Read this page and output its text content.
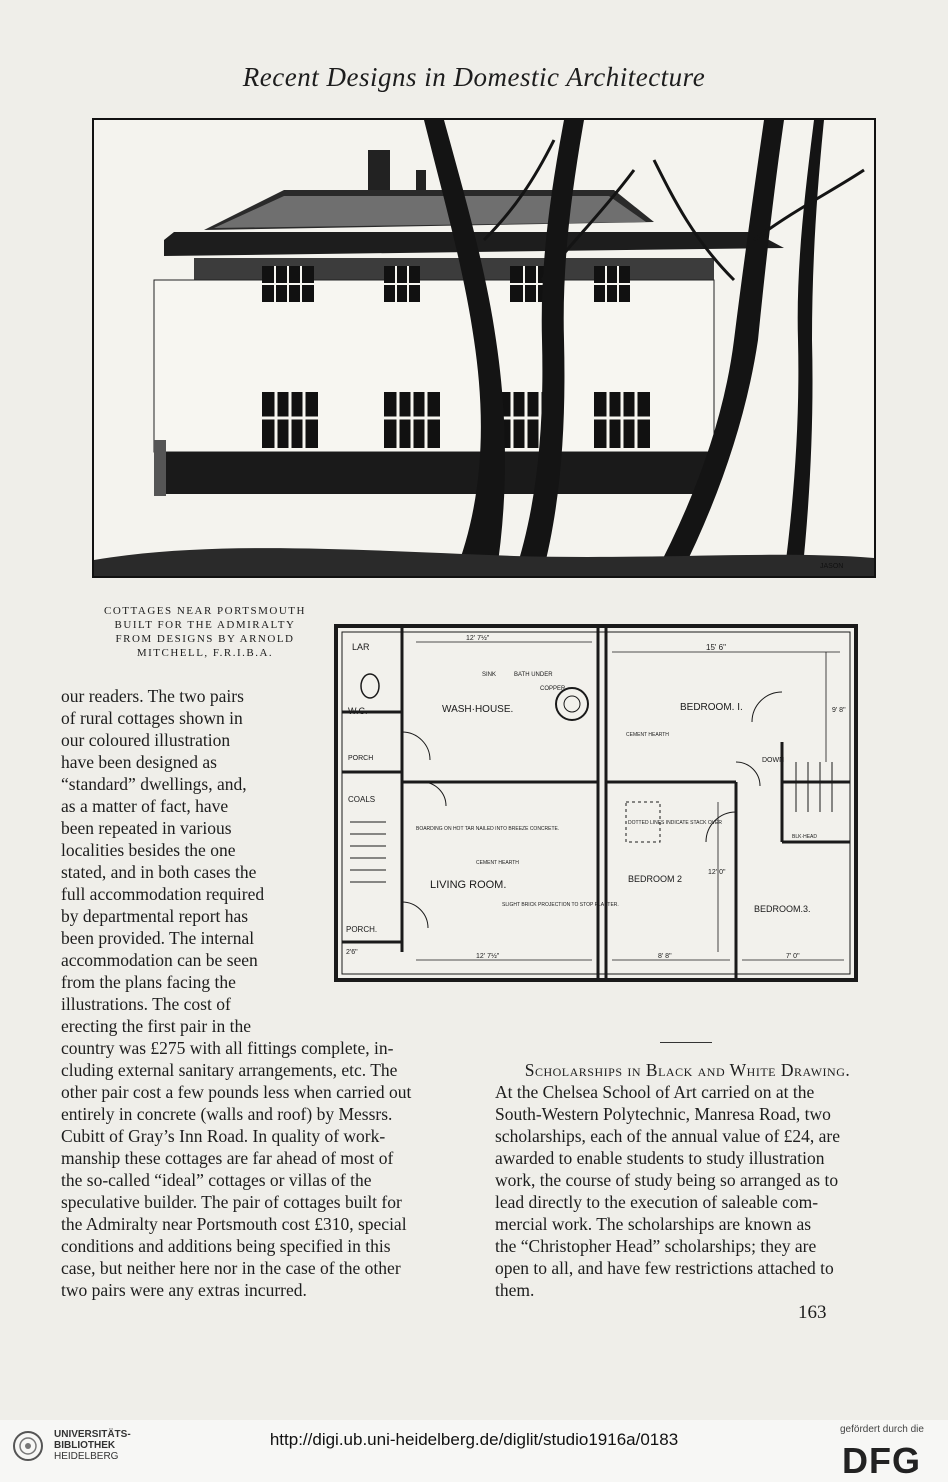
Recent Designs in Domestic Architecture
JASON
COTTAGES NEAR PORTSMOUTH
BUILT FOR THE ADMIRALTY
FROM DESIGNS BY ARNOLD
MITCHELL, F.R.I.B.A.	LAR
W.C.
PORCH
COALS
PORCH.
2'6"
WASH·HOUSE.
SINK	BATH UNDER
COPPER
BEDROOM. I.
CEMENT HEARTH
BOARDING ON HOT TAR NAILED INTO BREEZE CONCRETE.
CEMENT HEARTH
LIVING ROOM.
SLIGHT BRICK PROJECTION TO STOP PLASTER.
BEDROOM 2
DOTTED LINES INDICATE STACK OVER
BEDROOM.3.
DOWN
BLK·HEAD
12' 7½"
15' 6"
12' 7½"	8' 8"	7' 0"
12' 0"
9' 8"

our readers. The two pairs

of rural cottages shown in

our coloured illustration

have been designed as

“standard” dwellings, and,

as a matter of fact, have

been repeated in various

localities besides the one

stated, and in both cases the

full accommodation required

by departmental report has

been provided. The internal

accommodation can be seen

from the plans facing the

illustrations. The cost of

erecting the first pair in the

country was £275 with all fittings complete, in-

cluding external sanitary arrangements, etc. The

other pair cost a few pounds less when carried out

entirely in concrete (walls and roof) by Messrs.

Cubitt of Gray’s Inn Road. In quality of work-

manship these cottages are far ahead of most of

the so-called “ideal” cottages or villas of the

speculative builder. The pair of cottages built for

the Admiralty near Portsmouth cost £310, special

conditions and additions being specified in this

case, but neither here nor in the case of the other

two pairs were any extras incurred.

Scholarships in Black and White Drawing.

At the Chelsea School of Art carried on at the

South-Western Polytechnic, Manresa Road, two

scholarships, each of the annual value of £24, are

awarded to enable students to study illustration

work, the course of study being so arranged as to

lead directly to the execution of saleable com-

mercial work. The scholarships are known as

the “Christopher Head” scholarships; they are

open to all, and have few restrictions attached to

them.

163
UNIVERSITÄTS-
BIBLIOTHEK
HEIDELBERG
http://digi.ub.uni-heidelberg.de/diglit/studio1916a/0183
gefördert durch die
DFG
